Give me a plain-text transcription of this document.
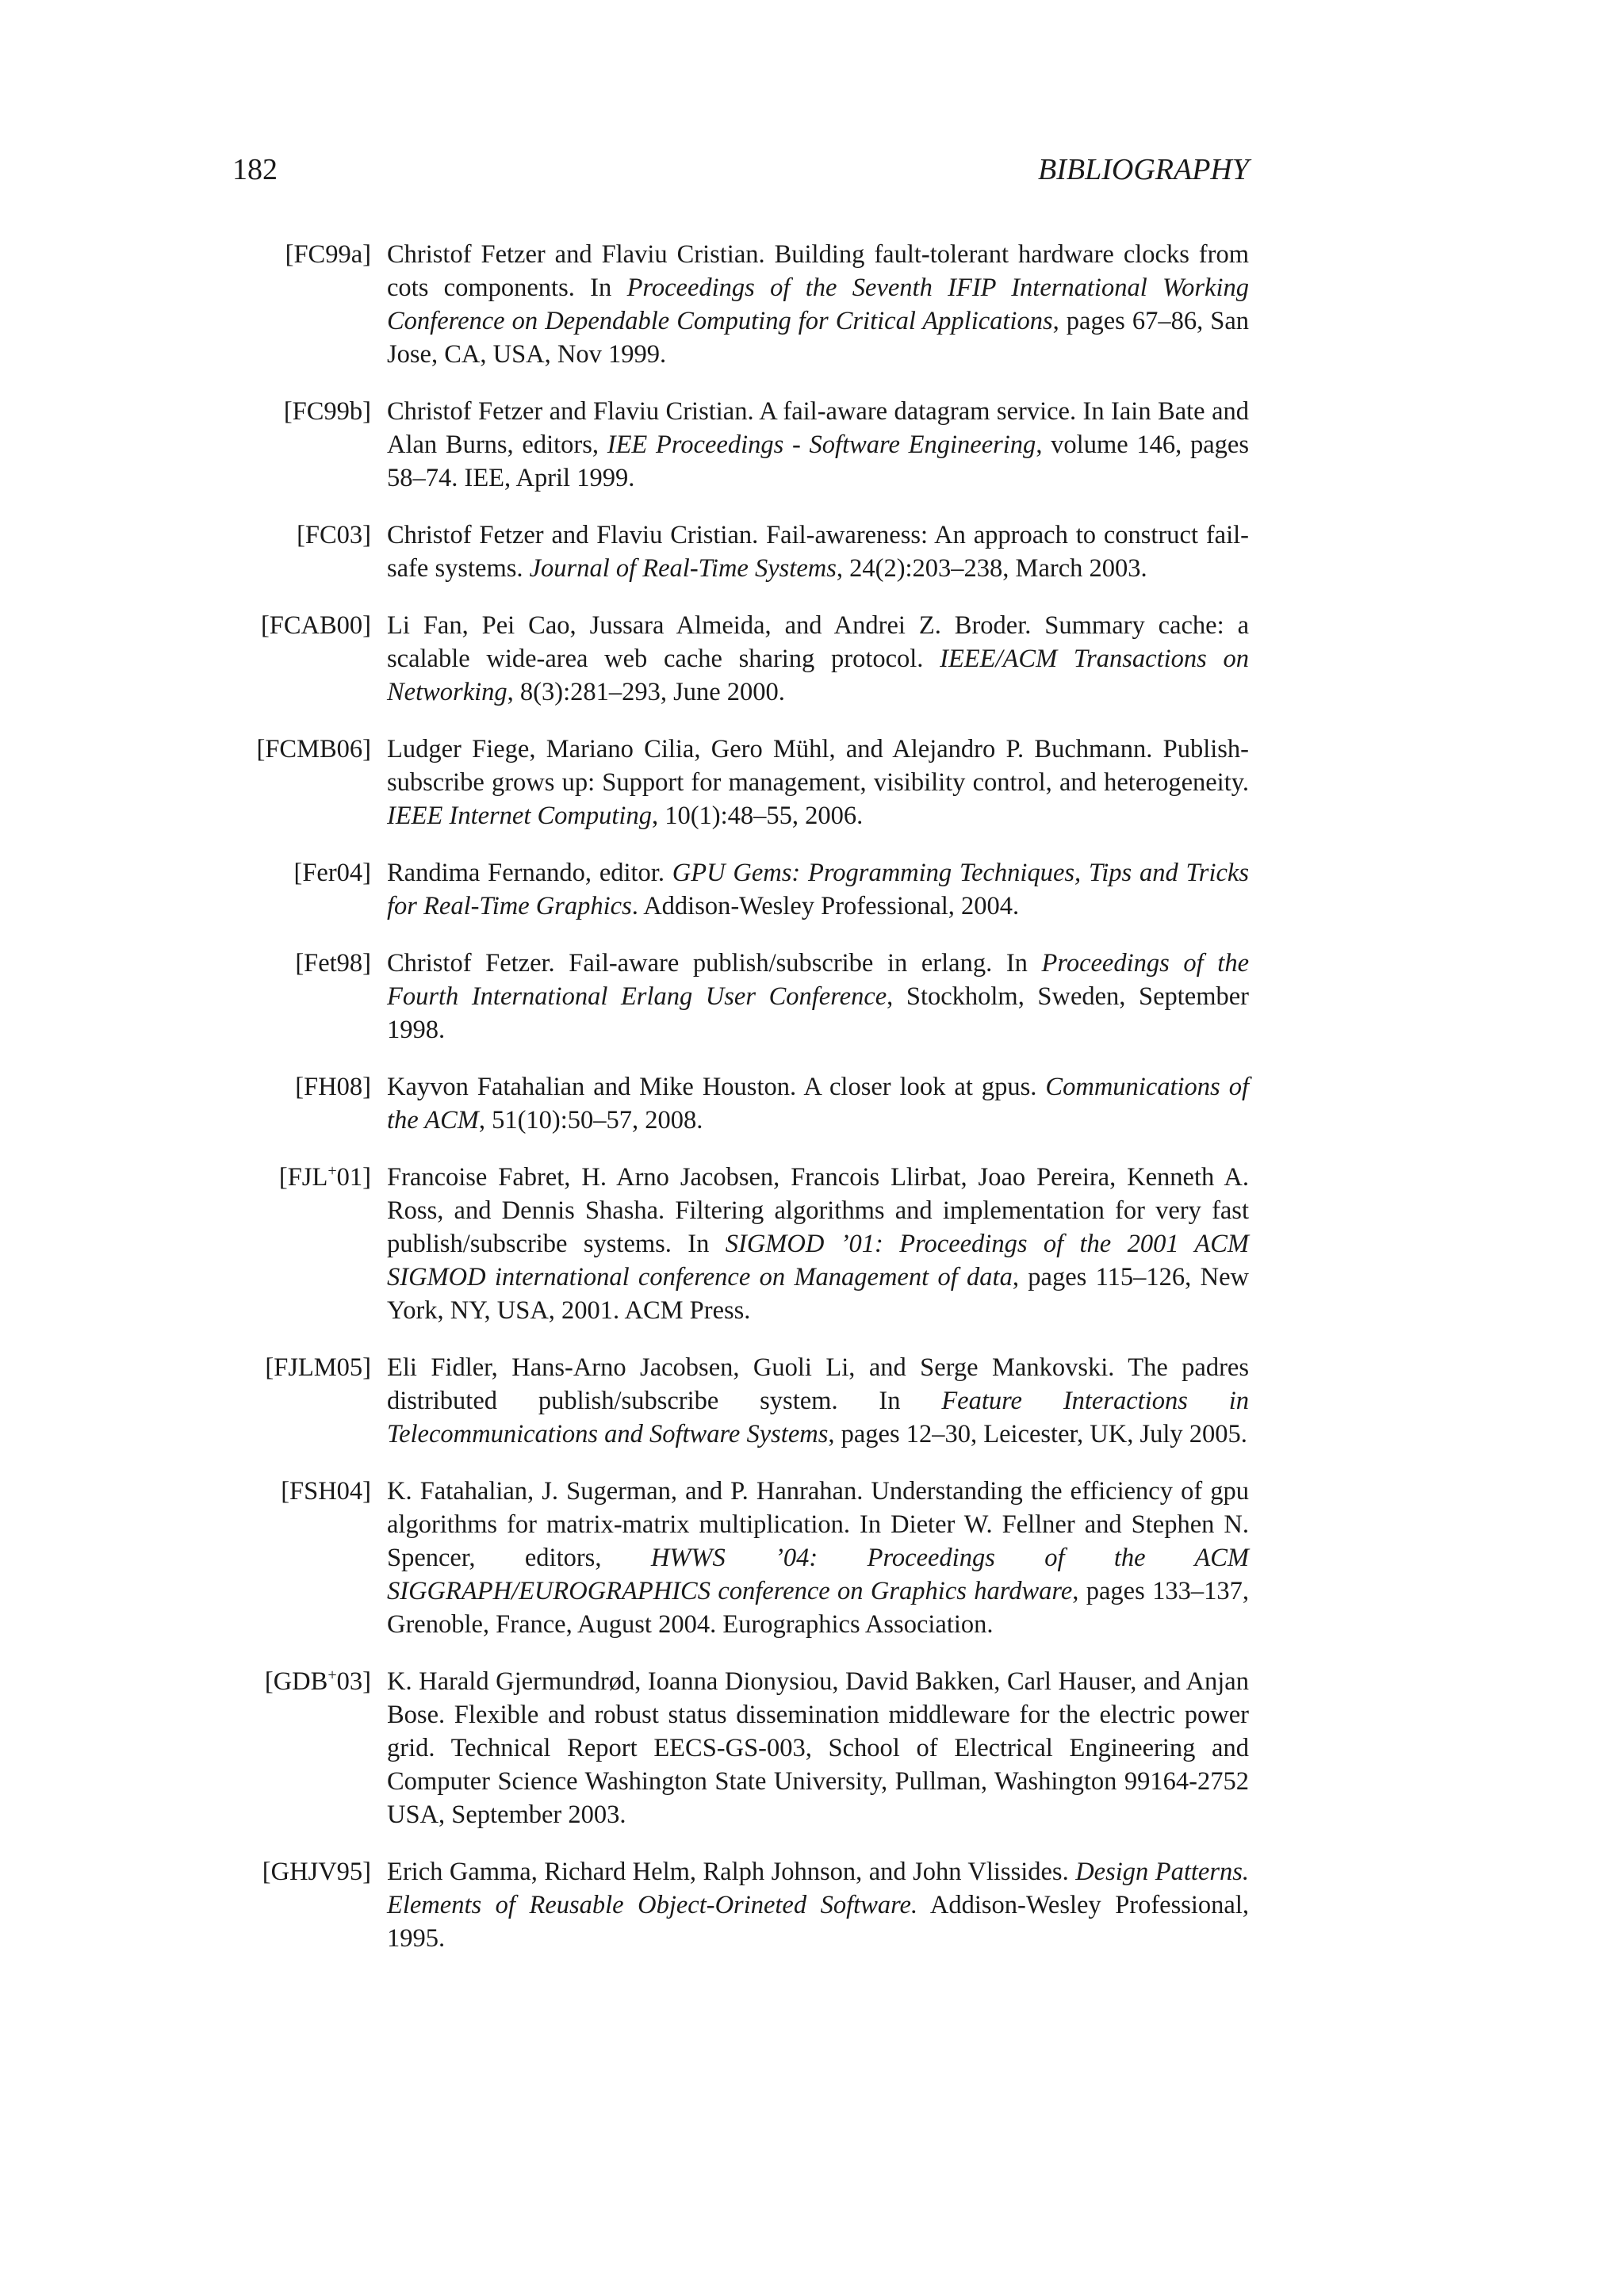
182	BIBLIOGRAPHY
[FC99a] Christof Fetzer and Flaviu Cristian. Building fault-tolerant hardware clocks from cots components. In Proceedings of the Seventh IFIP International Working Conference on Dependable Computing for Critical Applications, pages 67–86, San Jose, CA, USA, Nov 1999.
[FC99b] Christof Fetzer and Flaviu Cristian. A fail-aware datagram service. In Iain Bate and Alan Burns, editors, IEE Proceedings - Software Engineering, volume 146, pages 58–74. IEE, April 1999.
[FC03] Christof Fetzer and Flaviu Cristian. Fail-awareness: An approach to construct fail-safe systems. Journal of Real-Time Systems, 24(2):203–238, March 2003.
[FCAB00] Li Fan, Pei Cao, Jussara Almeida, and Andrei Z. Broder. Summary cache: a scalable wide-area web cache sharing protocol. IEEE/ACM Transactions on Networking, 8(3):281–293, June 2000.
[FCMB06] Ludger Fiege, Mariano Cilia, Gero Mühl, and Alejandro P. Buchmann. Publish-subscribe grows up: Support for management, visibility control, and heterogeneity. IEEE Internet Computing, 10(1):48–55, 2006.
[Fer04] Randima Fernando, editor. GPU Gems: Programming Techniques, Tips and Tricks for Real-Time Graphics. Addison-Wesley Professional, 2004.
[Fet98] Christof Fetzer. Fail-aware publish/subscribe in erlang. In Proceedings of the Fourth International Erlang User Conference, Stockholm, Sweden, September 1998.
[FH08] Kayvon Fatahalian and Mike Houston. A closer look at gpus. Communications of the ACM, 51(10):50–57, 2008.
[FJL+01] Francoise Fabret, H. Arno Jacobsen, Francois Llirbat, Joao Pereira, Kenneth A. Ross, and Dennis Shasha. Filtering algorithms and implementation for very fast publish/subscribe systems. In SIGMOD ’01: Proceedings of the 2001 ACM SIGMOD international conference on Management of data, pages 115–126, New York, NY, USA, 2001. ACM Press.
[FJLM05] Eli Fidler, Hans-Arno Jacobsen, Guoli Li, and Serge Mankovski. The padres distributed publish/subscribe system. In Feature Interactions in Telecommunications and Software Systems, pages 12–30, Leicester, UK, July 2005.
[FSH04] K. Fatahalian, J. Sugerman, and P. Hanrahan. Understanding the efficiency of gpu algorithms for matrix-matrix multiplication. In Dieter W. Fellner and Stephen N. Spencer, editors, HWWS ’04: Proceedings of the ACM SIGGRAPH/EUROGRAPHICS conference on Graphics hardware, pages 133–137, Grenoble, France, August 2004. Eurographics Association.
[GDB+03] K. Harald Gjermundrød, Ioanna Dionysiou, David Bakken, Carl Hauser, and Anjan Bose. Flexible and robust status dissemination middleware for the electric power grid. Technical Report EECS-GS-003, School of Electrical Engineering and Computer Science Washington State University, Pullman, Washington 99164-2752 USA, September 2003.
[GHJV95] Erich Gamma, Richard Helm, Ralph Johnson, and John Vlissides. Design Patterns. Elements of Reusable Object-Orineted Software. Addison-Wesley Professional, 1995.
